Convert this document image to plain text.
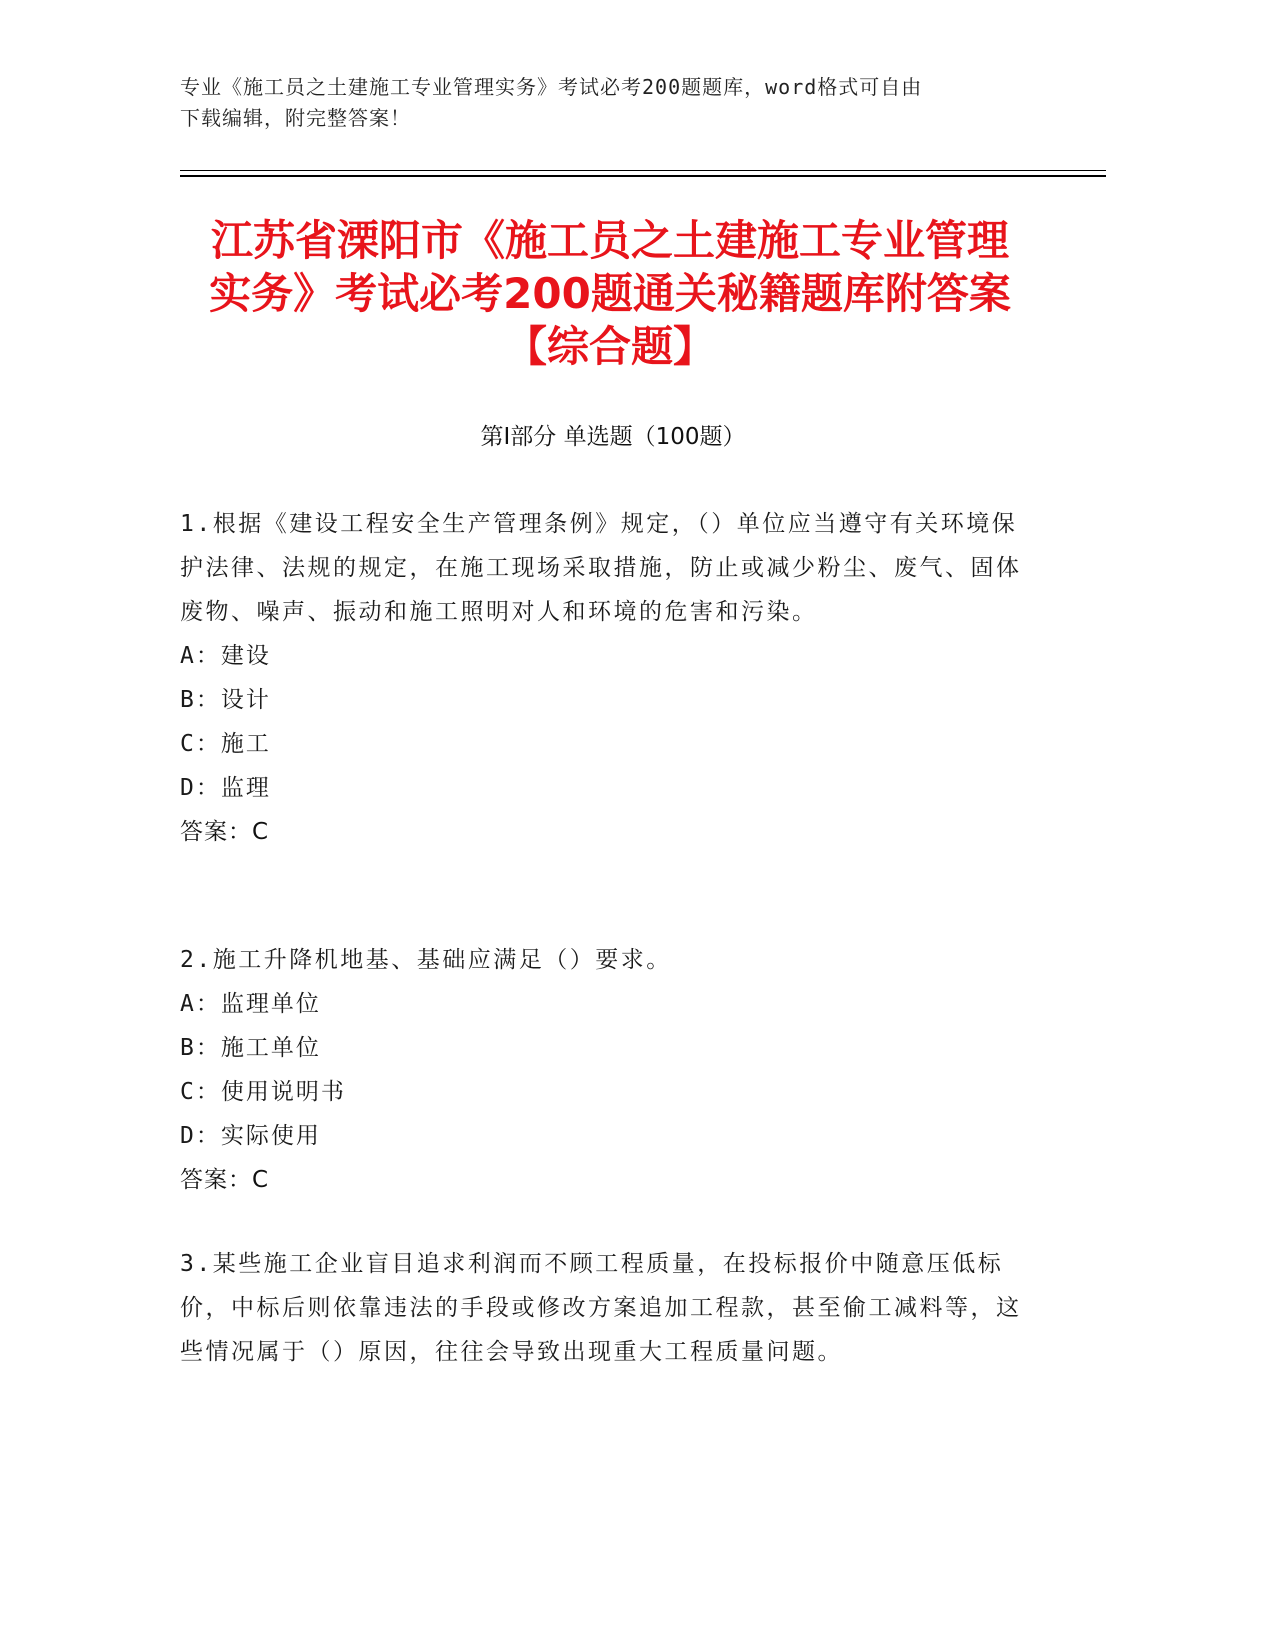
专业《施工员之土建施工专业管理实务》考试必考200题题库，word格式可自由
下载编辑，附完整答案！
江苏省溧阳市《施工员之土建施工专业管理
实务》考试必考200题通关秘籍题库附答案
【综合题】
第Ⅰ部分 单选题（100题）
1.根据《建设工程安全生产管理条例》规定，（）单位应当遵守有关环境保护法律、法规的规定，在施工现场采取措施，防止或减少粉尘、废气、固体废物、噪声、振动和施工照明对人和环境的危害和污染。
A：建设
B：设计
C：施工
D：监理
答案：C
2.施工升降机地基、基础应满足（）要求。
A：监理单位
B：施工单位
C：使用说明书
D：实际使用
答案：C
3.某些施工企业盲目追求利润而不顾工程质量，在投标报价中随意压低标价，中标后则依靠违法的手段或修改方案追加工程款，甚至偷工减料等，这些情况属于（）原因，往往会导致出现重大工程质量问题。
